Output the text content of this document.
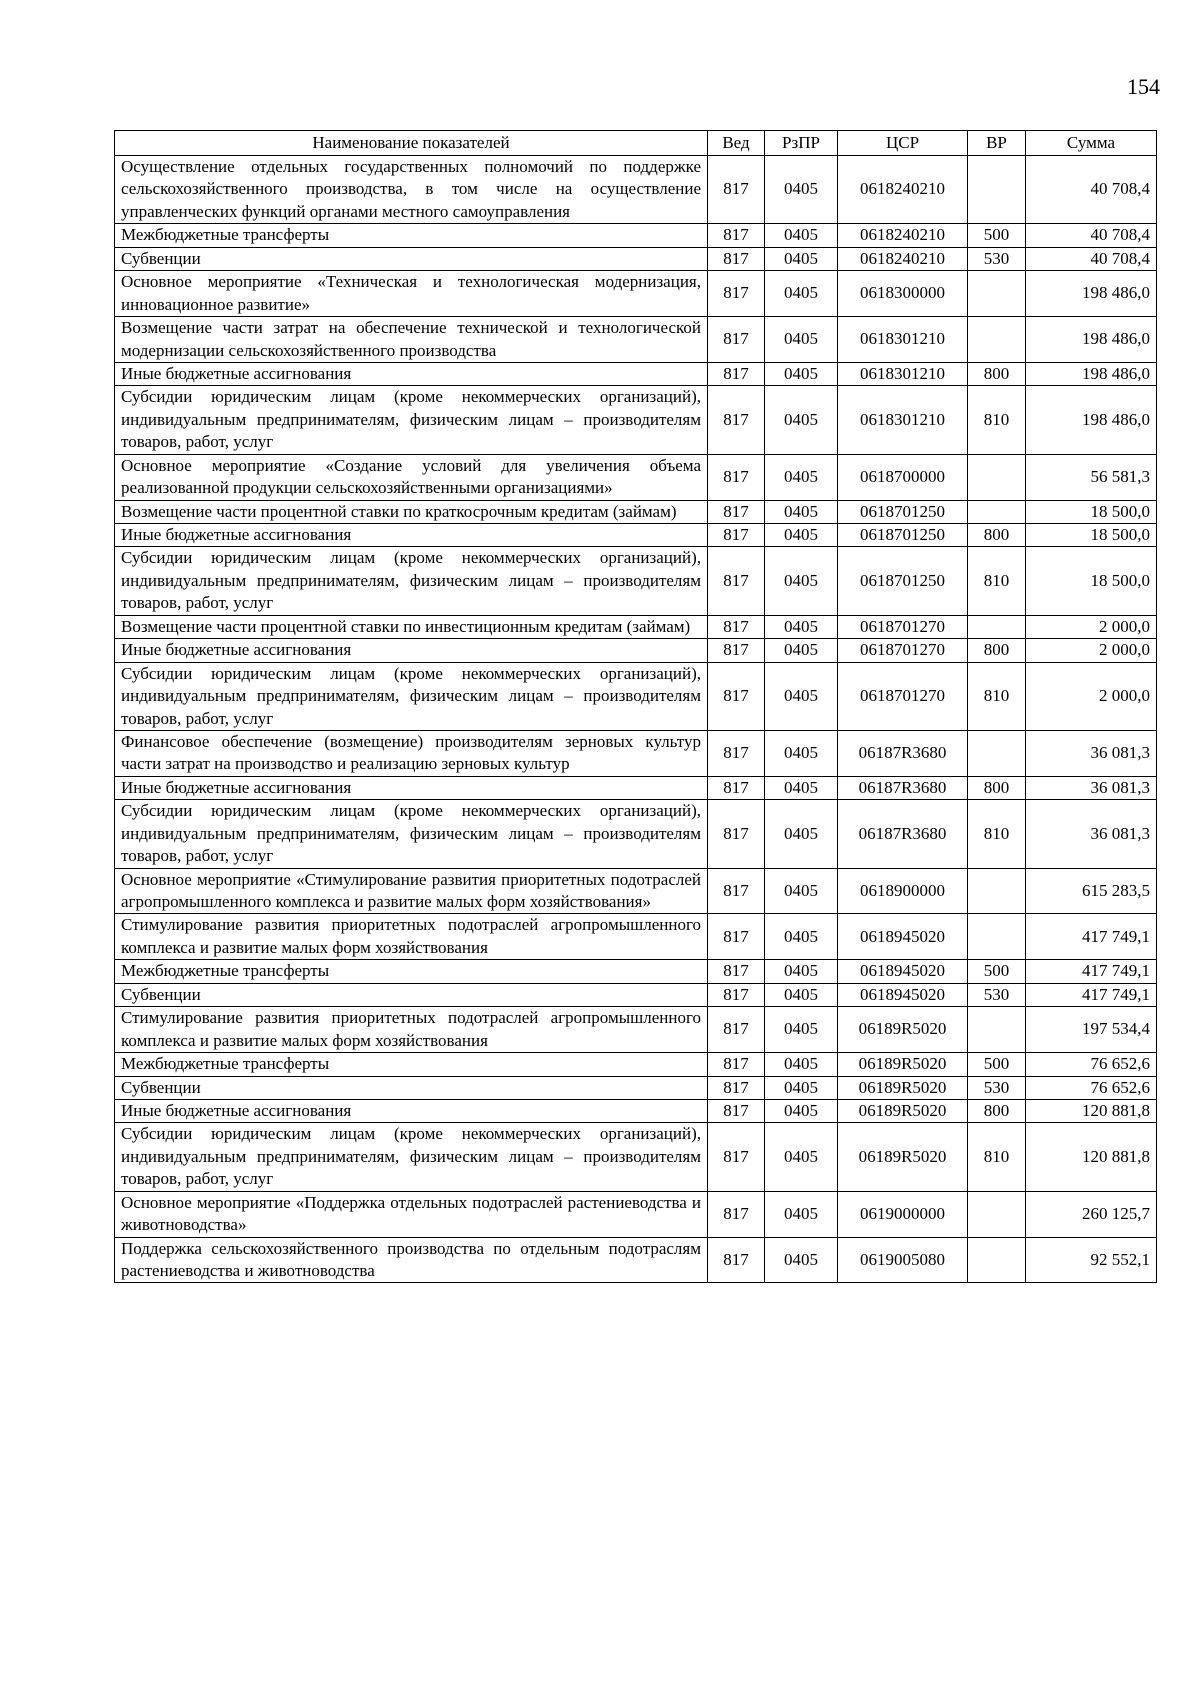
154
Наименование показателей	Вед	РзПР	ЦСР	ВР	Сумма
Осуществление отдельных государственных полномочий по поддержке сельскохозяйственного производства, в том числе на осуществление управленческих функций органами местного самоуправления	817	0405	0618240210		40 708,4
Межбюджетные трансферты	817	0405	0618240210	500	40 708,4
Субвенции	817	0405	0618240210	530	40 708,4
Основное мероприятие «Техническая и технологическая модернизация, инновационное развитие»	817	0405	0618300000		198 486,0
Возмещение части затрат на обеспечение технической и технологической модернизации сельскохозяйственного производства	817	0405	0618301210		198 486,0
Иные бюджетные ассигнования	817	0405	0618301210	800	198 486,0
Субсидии юридическим лицам (кроме некоммерческих организаций), индивидуальным предпринимателям, физическим лицам – производителям товаров, работ, услуг	817	0405	0618301210	810	198 486,0
Основное мероприятие «Создание условий для увеличения объема реализованной продукции сельскохозяйственными организациями»	817	0405	0618700000		56 581,3
Возмещение части процентной ставки по краткосрочным кредитам (займам)	817	0405	0618701250		18 500,0
Иные бюджетные ассигнования	817	0405	0618701250	800	18 500,0
Субсидии юридическим лицам (кроме некоммерческих организаций), индивидуальным предпринимателям, физическим лицам – производителям товаров, работ, услуг	817	0405	0618701250	810	18 500,0
Возмещение части процентной ставки по инвестиционным кредитам (займам)	817	0405	0618701270		2 000,0
Иные бюджетные ассигнования	817	0405	0618701270	800	2 000,0
Субсидии юридическим лицам (кроме некоммерческих организаций), индивидуальным предпринимателям, физическим лицам – производителям товаров, работ, услуг	817	0405	0618701270	810	2 000,0
Финансовое обеспечение (возмещение) производителям зерновых культур части затрат на производство и реализацию зерновых культур	817	0405	06187R3680		36 081,3
Иные бюджетные ассигнования	817	0405	06187R3680	800	36 081,3
Субсидии юридическим лицам (кроме некоммерческих организаций), индивидуальным предпринимателям, физическим лицам – производителям товаров, работ, услуг	817	0405	06187R3680	810	36 081,3
Основное мероприятие «Стимулирование развития приоритетных подотраслей агропромышленного комплекса и развитие малых форм хозяйствования»	817	0405	0618900000		615 283,5
Стимулирование развития приоритетных подотраслей агропромышленного комплекса и развитие малых форм хозяйствования	817	0405	0618945020		417 749,1
Межбюджетные трансферты	817	0405	0618945020	500	417 749,1
Субвенции	817	0405	0618945020	530	417 749,1
Стимулирование развития приоритетных подотраслей агропромышленного комплекса и развитие малых форм хозяйствования	817	0405	06189R5020		197 534,4
Межбюджетные трансферты	817	0405	06189R5020	500	76 652,6
Субвенции	817	0405	06189R5020	530	76 652,6
Иные бюджетные ассигнования	817	0405	06189R5020	800	120 881,8
Субсидии юридическим лицам (кроме некоммерческих организаций), индивидуальным предпринимателям, физическим лицам – производителям товаров, работ, услуг	817	0405	06189R5020	810	120 881,8
Основное мероприятие «Поддержка отдельных подотраслей растениеводства и животноводства»	817	0405	0619000000		260 125,7
Поддержка сельскохозяйственного производства по отдельным подотраслям растениеводства и животноводства	817	0405	0619005080		92 552,1
